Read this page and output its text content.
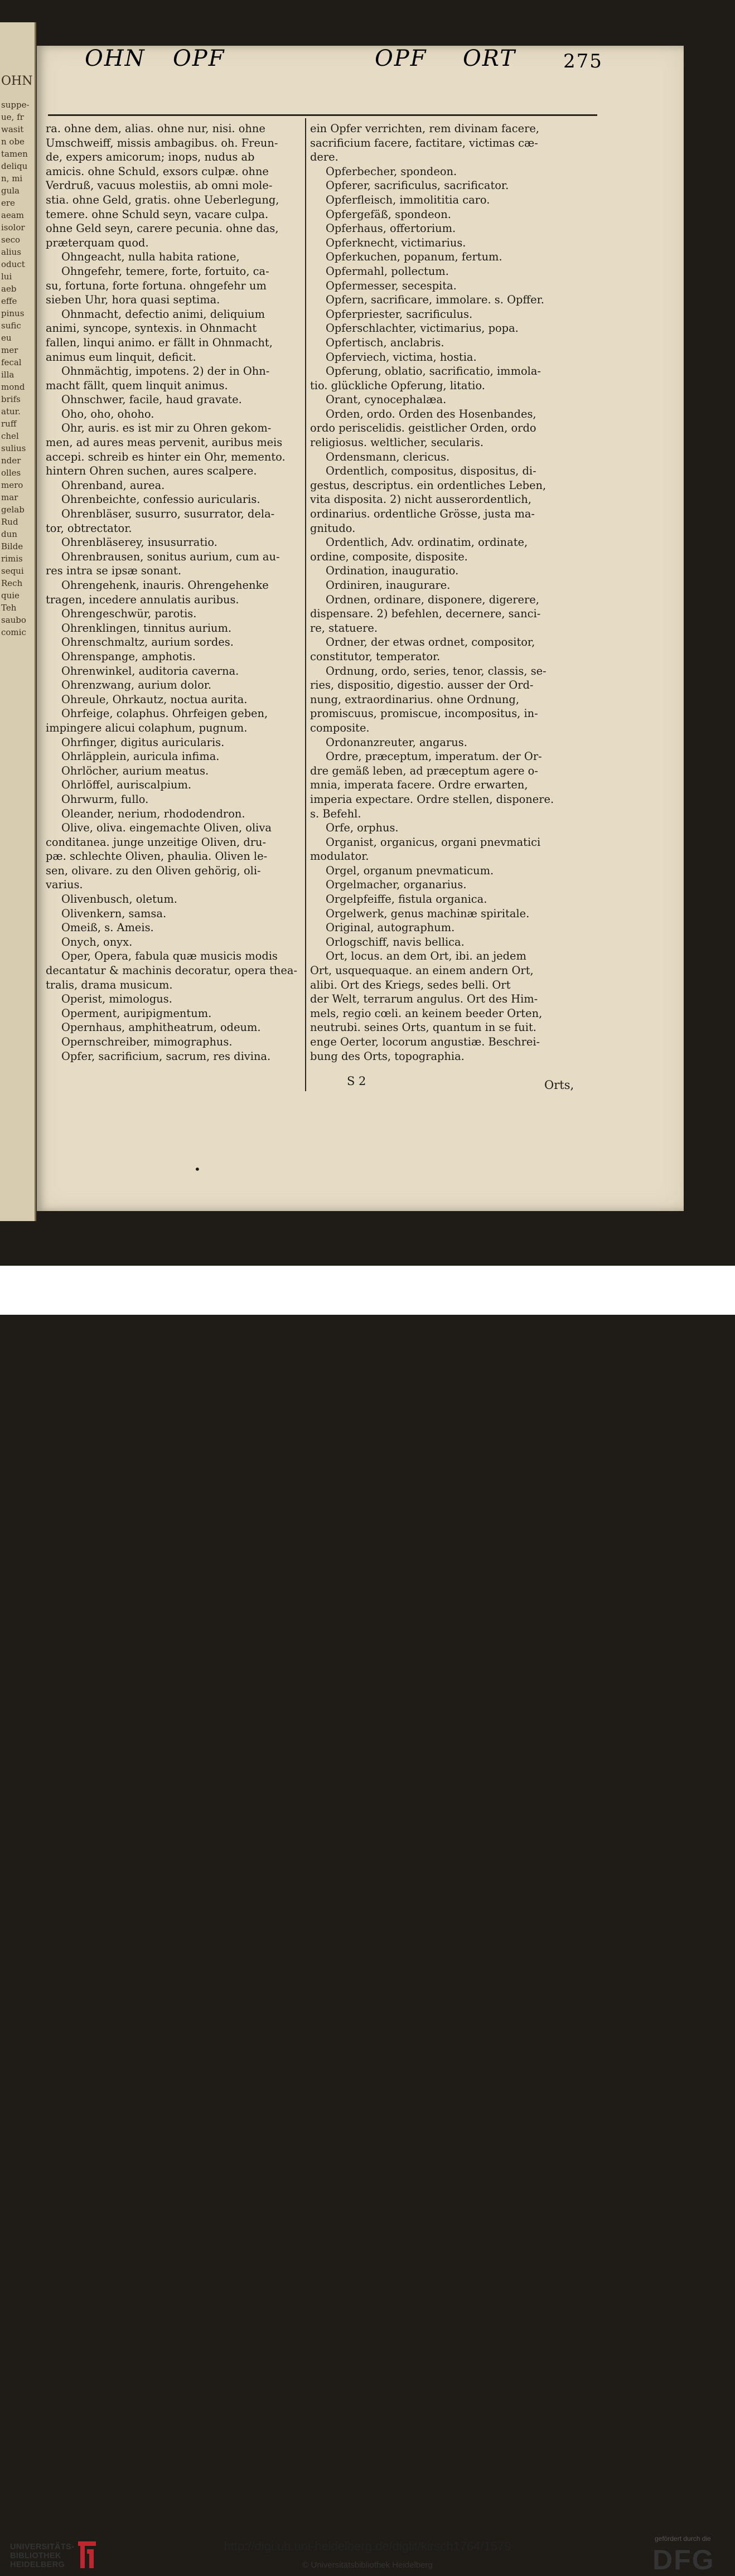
OHN
suppe-
ue, fr
wasit
n obe
tamen
deliqu
n, mi
gula
ere
aeam
isolor
seco
alius
oduct
lui
aeb
effe
pinus
sufic
eu
mer
fecal
illa
mond
brifs
atur.
ruff
chel
sulius
nder
olles
mero
mar
gelab
Rud
dun
Bilde
rimis
sequi
Rech
quie
Teh
saubo
comic
OHN OPF	OPF ORT	275
ra. ohne dem, alias. ohne nur, nisi. ohne
Umschweiff, missis ambagibus. oh. Freun-
de, expers amicorum; inops, nudus ab
amicis. ohne Schuld, exsors culpæ. ohne
Verdruß, vacuus molestiis, ab omni mole-
stia. ohne Geld, gratis. ohne Ueberlegung,
temere. ohne Schuld seyn, vacare culpa.
ohne Geld seyn, carere pecunia. ohne das,
præterquam quod.
Ohngeacht, nulla habita ratione,
Ohngefehr, temere, forte, fortuito, ca-
su, fortuna, forte fortuna. ohngefehr um
sieben Uhr, hora quasi septima.
Ohnmacht, defectio animi, deliquium
animi, syncope, syntexis. in Ohnmacht
fallen, linqui animo. er fällt in Ohnmacht,
animus eum linquit, deficit.
Ohnmächtig, impotens. 2) der in Ohn-
macht fällt, quem linquit animus.
Ohnschwer, facile, haud gravate.
Oho, oho, ohoho.
Ohr, auris. es ist mir zu Ohren gekom-
men, ad aures meas pervenit, auribus meis
accepi. schreib es hinter ein Ohr, memento.
hintern Ohren suchen, aures scalpere.
Ohrenband, aurea.
Ohrenbeichte, confessio auricularis.
Ohrenbläser, susurro, susurrator, dela-
tor, obtrectator.
Ohrenbläserey, insusurratio.
Ohrenbrausen, sonitus aurium, cum au-
res intra se ipsæ sonant.
Ohrengehenk, inauris. Ohrengehenke
tragen, incedere annulatis auribus.
Ohrengeschwür, parotis.
Ohrenklingen, tinnitus aurium.
Ohrenschmaltz, aurium sordes.
Ohrenspange, amphotis.
Ohrenwinkel, auditoria caverna.
Ohrenzwang, aurium dolor.
Ohreule, Ohrkautz, noctua aurita.
Ohrfeige, colaphus. Ohrfeigen geben,
impingere alicui colaphum, pugnum.
Ohrfinger, digitus auricularis.
Ohrläpplein, auricula infima.
Ohrlöcher, aurium meatus.
Ohrlöffel, auriscalpium.
Ohrwurm, fullo.
Oleander, nerium, rhododendron.
Olive, oliva. eingemachte Oliven, oliva
conditanea. junge unzeitige Oliven, dru-
pæ. schlechte Oliven, phaulia. Oliven le-
sen, olivare. zu den Oliven gehörig, oli-
varius.
Olivenbusch, oletum.
Olivenkern, samsa.
Omeiß, s. Ameis.
Onych, onyx.
Oper, Opera, fabula quæ musicis modis
decantatur & machinis decoratur, opera thea-
tralis, drama musicum.
Operist, mimologus.
Operment, auripigmentum.
Opernhaus, amphitheatrum, odeum.
Opernschreiber, mimographus.
Opfer, sacrificium, sacrum, res divina.
ein Opfer verrichten, rem divinam facere,
sacrificium facere, factitare, victimas cæ-
dere.
Opferbecher, spondeon.
Opferer, sacrificulus, sacrificator.
Opferfleisch, immolititia caro.
Opfergefäß, spondeon.
Opferhaus, offertorium.
Opferknecht, victimarius.
Opferkuchen, popanum, fertum.
Opfermahl, pollectum.
Opfermesser, secespita.
Opfern, sacrificare, immolare. s. Opffer.
Opferpriester, sacrificulus.
Opferschlachter, victimarius, popa.
Opfertisch, anclabris.
Opferviech, victima, hostia.
Opferung, oblatio, sacrificatio, immola-
tio. glückliche Opferung, litatio.
Orant, cynocephalæa.
Orden, ordo. Orden des Hosenbandes,
ordo periscelidis. geistlicher Orden, ordo
religiosus. weltlicher, secularis.
Ordensmann, clericus.
Ordentlich, compositus, dispositus, di-
gestus, descriptus. ein ordentliches Leben,
vita disposita. 2) nicht ausserordentlich,
ordinarius. ordentliche Grösse, justa ma-
gnitudo.
Ordentlich, Adv. ordinatim, ordinate,
ordine, composite, disposite.
Ordination, inauguratio.
Ordiniren, inaugurare.
Ordnen, ordinare, disponere, digerere,
dispensare. 2) befehlen, decernere, sanci-
re, statuere.
Ordner, der etwas ordnet, compositor,
constitutor, temperator.
Ordnung, ordo, series, tenor, classis, se-
ries, dispositio, digestio. ausser der Ord-
nung, extraordinarius. ohne Ordnung,
promiscuus, promiscue, incompositus, in-
composite.
Ordonanzreuter, angarus.
Ordre, præceptum, imperatum. der Or-
dre gemäß leben, ad præceptum agere o-
mnia, imperata facere. Ordre erwarten,
imperia expectare. Ordre stellen, disponere.
s. Befehl.
Orfe, orphus.
Organist, organicus, organi pnevmatici
modulator.
Orgel, organum pnevmaticum.
Orgelmacher, organarius.
Orgelpfeiffe, fistula organica.
Orgelwerk, genus machinæ spiritale.
Original, autographum.
Orlogschiff, navis bellica.
Ort, locus. an dem Ort, ibi. an jedem
Ort, usquequaque. an einem andern Ort,
alibi. Ort des Kriegs, sedes belli. Ort
der Welt, terrarum angulus. Ort des Him-
mels, regio cœli. an keinem beeder Orten,
neutrubi. seines Orts, quantum in se fuit.
enge Oerter, locorum angustiæ. Beschrei-
bung des Orts, topographia.
S 2	Orts,
•
UNIVERSITÄTS-
BIBLIOTHEK
HEIDELBERG
http://digi.ub.uni-heidelberg.de/diglit/kirsch1764/1579
© Universitätsbibliothek Heidelberg
gefördert durch die
DFG
